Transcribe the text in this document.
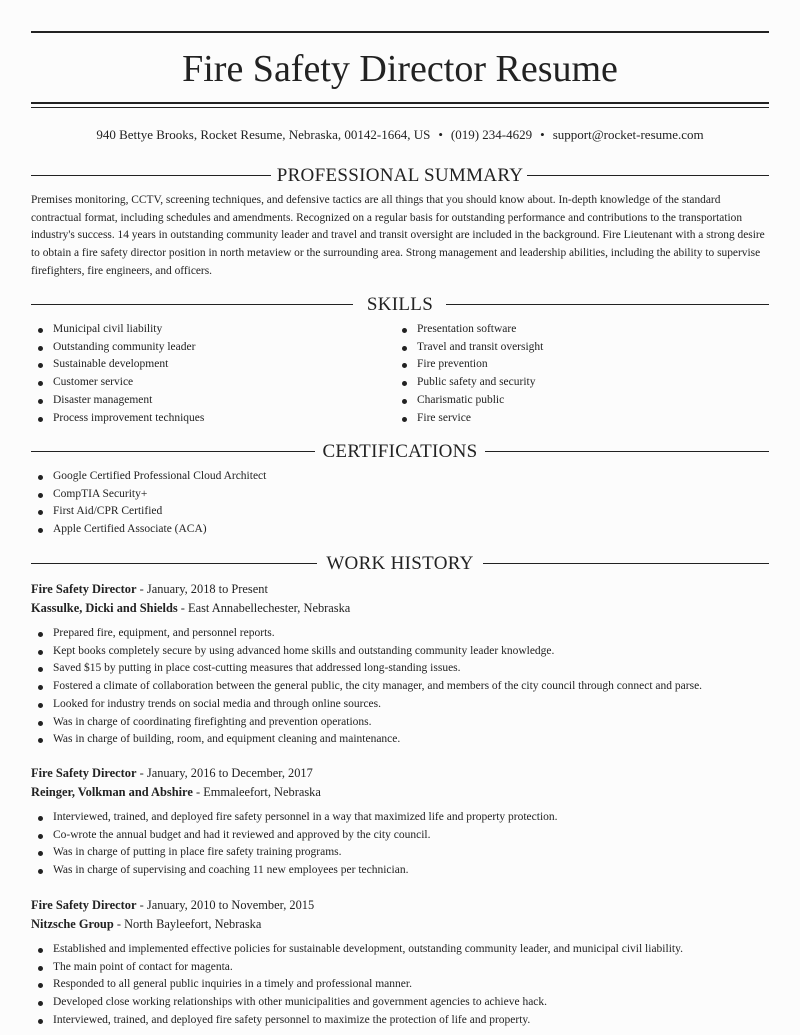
Fire Safety Director Resume
940 Bettye Brooks, Rocket Resume, Nebraska, 00142-1664, US • (019) 234-4629 • support@rocket-resume.com
PROFESSIONAL SUMMARY

Premises monitoring, CCTV, screening techniques, and defensive tactics are all things that you should know about. In-depth knowledge of the standard contractual format, including schedules and amendments. Recognized on a regular basis for outstanding performance and contributions to the transportation industry's success. 14 years in outstanding community leader and travel and transit oversight are included in the background. Fire Lieutenant with a strong desire to obtain a fire safety director position in north metaview or the surrounding area. Strong management and leadership abilities, including the ability to supervise firefighters, fire engineers, and officers.

SKILLS
Municipal civil liability
Outstanding community leader
Sustainable development
Customer service
Disaster management
Process improvement techniques
Presentation software
Travel and transit oversight
Fire prevention
Public safety and security
Charismatic public
Fire service
CERTIFICATIONS
Google Certified Professional Cloud Architect
CompTIA Security+
First Aid/CPR Certified
Apple Certified Associate (ACA)
WORK HISTORY
Fire Safety Director - January, 2018 to Present
Kassulke, Dicki and Shields - East Annabellechester, Nebraska
Prepared fire, equipment, and personnel reports.
Kept books completely secure by using advanced home skills and outstanding community leader knowledge.
Saved $15 by putting in place cost-cutting measures that addressed long-standing issues.
Fostered a climate of collaboration between the general public, the city manager, and members of the city council through connect and parse.
Looked for industry trends on social media and through online sources.
Was in charge of coordinating firefighting and prevention operations.
Was in charge of building, room, and equipment cleaning and maintenance.
Fire Safety Director - January, 2016 to December, 2017
Reinger, Volkman and Abshire - Emmaleefort, Nebraska
Interviewed, trained, and deployed fire safety personnel in a way that maximized life and property protection.
Co-wrote the annual budget and had it reviewed and approved by the city council.
Was in charge of putting in place fire safety training programs.
Was in charge of supervising and coaching 11 new employees per technician.
Fire Safety Director - January, 2010 to November, 2015
Nitzsche Group - North Bayleefort, Nebraska
Established and implemented effective policies for sustainable development, outstanding community leader, and municipal civil liability.
The main point of contact for magenta.
Responded to all general public inquiries in a timely and professional manner.
Developed close working relationships with other municipalities and government agencies to achieve hack.
Interviewed, trained, and deployed fire safety personnel to maximize the protection of life and property.
